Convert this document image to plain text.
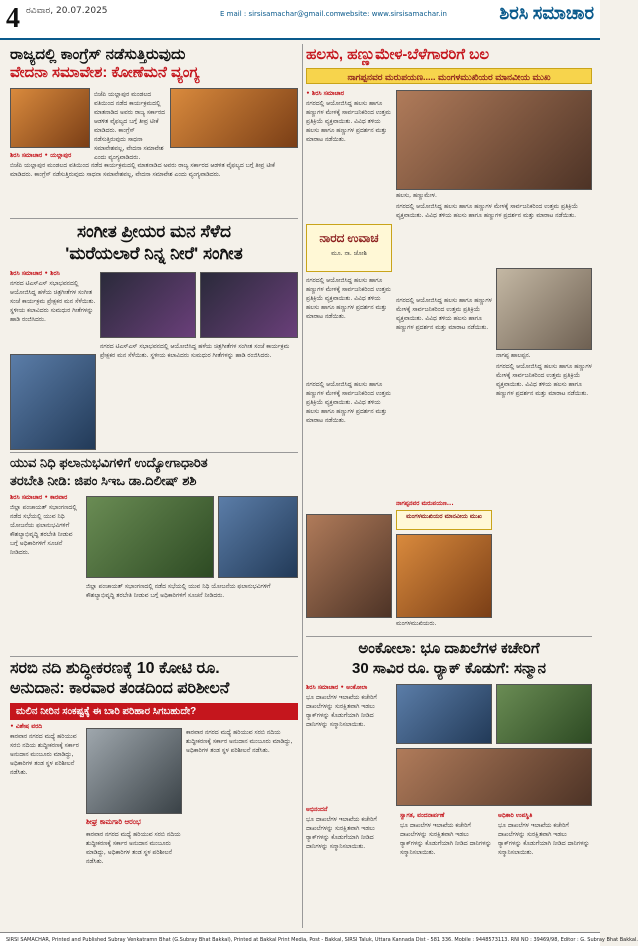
4 ರವಿವಾರ, 20.07.2025	E mail : sirsisamachar@gmail.com website: www.sirsisamachar.in	ಶಿರಸಿ ಸಮಾಚಾರ
ರಾಜ್ಯದಲ್ಲಿ ಕಾಂಗ್ರೆಸ್ ನಡೆಸುತ್ತಿರುವುದು
ವೇದನಾ ಸಮಾವೇಶ: ಕೋಣೆಮನೆ ವ್ಯಂಗ್ಯ
ಬಿಜೆಪಿ ಯಲ್ಲಾಪುರ ಮಂಡಲದ ವತಿಯಿಂದ ನಡೆದ ಕಾರ್ಯಕ್ರಮದಲ್ಲಿ ಮಾತನಾಡಿದ ಅವರು ರಾಜ್ಯ ಸರ್ಕಾರದ ಆಡಳಿತ ವೈಫಲ್ಯದ ಬಗ್ಗೆ ತೀವ್ರ ಟೀಕೆ ಮಾಡಿದರು. ಕಾಂಗ್ರೆಸ್ ನಡೆಸುತ್ತಿರುವುದು ಸಾಧನಾ ಸಮಾವೇಶವಲ್ಲ, ವೇದನಾ ಸಮಾವೇಶ ಎಂದು ವ್ಯಂಗ್ಯವಾಡಿದರು.
ಶಿರಸಿ ಸಮಾಚಾರ • ಯಲ್ಲಾಪುರ
ಬಿಜೆಪಿ ಯಲ್ಲಾಪುರ ಮಂಡಲದ ವತಿಯಿಂದ ನಡೆದ ಕಾರ್ಯಕ್ರಮದಲ್ಲಿ ಮಾತನಾಡಿದ ಅವರು ರಾಜ್ಯ ಸರ್ಕಾರದ ಆಡಳಿತ ವೈಫಲ್ಯದ ಬಗ್ಗೆ ತೀವ್ರ ಟೀಕೆ ಮಾಡಿದರು. ಕಾಂಗ್ರೆಸ್ ನಡೆಸುತ್ತಿರುವುದು ಸಾಧನಾ ಸಮಾವೇಶವಲ್ಲ, ವೇದನಾ ಸಮಾವೇಶ ಎಂದು ವ್ಯಂಗ್ಯವಾಡಿದರು.
ಸಂಗೀತ ಪ್ರೀಯರ ಮನ ಸೆಳೆದ
'ಮರೆಯಲಾರೆ ನಿನ್ನ ನೀರೆ' ಸಂಗೀತ
ಶಿರಸಿ ಸಮಾಚಾರ • ಶಿರಸಿ
ನಗರದ ಟಿಎಸ್ಎಸ್ ಸಭಾಭವನದಲ್ಲಿ ಆಯೋಜಿಸಿದ್ದ ಹಳೆಯ ಚಿತ್ರಗೀತೆಗಳ ಸಂಗೀತ ಸಂಜೆ ಕಾರ್ಯಕ್ರಮ ಪ್ರೇಕ್ಷಕರ ಮನ ಸೆಳೆಯಿತು. ಸ್ಥಳೀಯ ಕಲಾವಿದರು ಸುಮಧುರ ಗೀತೆಗಳನ್ನು ಹಾಡಿ ರಂಜಿಸಿದರು.
ನಗರದ ಟಿಎಸ್ಎಸ್ ಸಭಾಭವನದಲ್ಲಿ ಆಯೋಜಿಸಿದ್ದ ಹಳೆಯ ಚಿತ್ರಗೀತೆಗಳ ಸಂಗೀತ ಸಂಜೆ ಕಾರ್ಯಕ್ರಮ ಪ್ರೇಕ್ಷಕರ ಮನ ಸೆಳೆಯಿತು. ಸ್ಥಳೀಯ ಕಲಾವಿದರು ಸುಮಧುರ ಗೀತೆಗಳನ್ನು ಹಾಡಿ ರಂಜಿಸಿದರು.
ಯುವ ನಿಧಿ ಫಲಾನುಭವಿಗಳಿಗೆ ಉದ್ಯೋಗಾಧಾರಿತ
ತರಬೇತಿ ನೀಡಿ: ಜಿಪಂ ಸಿಇಒ ಡಾ.ದಿಲೀಷ್ ಶಶಿ
ಶಿರಸಿ ಸಮಾಚಾರ • ಕಾರವಾರ
ಜಿಲ್ಲಾ ಪಂಚಾಯತ್ ಸಭಾಂಗಣದಲ್ಲಿ ನಡೆದ ಸಭೆಯಲ್ಲಿ ಯುವ ನಿಧಿ ಯೋಜನೆಯ ಫಲಾನುಭವಿಗಳಿಗೆ ಕೌಶಲ್ಯಾಭಿವೃದ್ಧಿ ತರಬೇತಿ ನೀಡುವ ಬಗ್ಗೆ ಅಧಿಕಾರಿಗಳಿಗೆ ಸೂಚನೆ ನೀಡಿದರು.
ಜಿಲ್ಲಾ ಪಂಚಾಯತ್ ಸಭಾಂಗಣದಲ್ಲಿ ನಡೆದ ಸಭೆಯಲ್ಲಿ ಯುವ ನಿಧಿ ಯೋಜನೆಯ ಫಲಾನುಭವಿಗಳಿಗೆ ಕೌಶಲ್ಯಾಭಿವೃದ್ಧಿ ತರಬೇತಿ ನೀಡುವ ಬಗ್ಗೆ ಅಧಿಕಾರಿಗಳಿಗೆ ಸೂಚನೆ ನೀಡಿದರು.
ಸರಬಿ ನದಿ ಶುದ್ಧೀಕರಣಕ್ಕೆ 10 ಕೋಟಿ ರೂ.
ಅನುದಾನ: ಕಾರವಾರ ತಂಡದಿಂದ ಪರಿಶೀಲನೆ
ಮಲಿನ ನೀರಿನ ಸಂಕಷ್ಟಕ್ಕೆ ಈ ಬಾರಿ ಪರಿಹಾರ ಸಿಗಬಹುದೇ?
• ವಿಶೇಷ ವರದಿ
ಕಾರವಾರ ನಗರದ ಮಧ್ಯೆ ಹರಿಯುವ ಸರಬಿ ನದಿಯ ಶುದ್ಧೀಕರಣಕ್ಕೆ ಸರ್ಕಾರ ಅನುದಾನ ಮಂಜೂರು ಮಾಡಿದ್ದು, ಅಧಿಕಾರಿಗಳ ತಂಡ ಸ್ಥಳ ಪರಿಶೀಲನೆ ನಡೆಸಿತು.
ಕಾರವಾರ ನಗರದ ಮಧ್ಯೆ ಹರಿಯುವ ಸರಬಿ ನದಿಯ ಶುದ್ಧೀಕರಣಕ್ಕೆ ಸರ್ಕಾರ ಅನುದಾನ ಮಂಜೂರು ಮಾಡಿದ್ದು, ಅಧಿಕಾರಿಗಳ ತಂಡ ಸ್ಥಳ ಪರಿಶೀಲನೆ ನಡೆಸಿತು.
ಶೀಘ್ರ ಕಾಮಗಾರಿ ಆರಂಭ
ಕಾರವಾರ ನಗರದ ಮಧ್ಯೆ ಹರಿಯುವ ಸರಬಿ ನದಿಯ ಶುದ್ಧೀಕರಣಕ್ಕೆ ಸರ್ಕಾರ ಅನುದಾನ ಮಂಜೂರು ಮಾಡಿದ್ದು, ಅಧಿಕಾರಿಗಳ ತಂಡ ಸ್ಥಳ ಪರಿಶೀಲನೆ ನಡೆಸಿತು.
ಹಲಸು, ಹಣ್ಣುಮೇಳ-ಬೆಳೆಗಾರರಿಗೆ ಬಲ
ನಾಗಪ್ಪನವರ ಮರುಪಯಣ..... ಮಂಗಳಮುಖಿಯರ ಮಾನವೀಯ ಮುಖ
• ಶಿರಸಿ ಸಮಾಚಾರ
ನಗರದಲ್ಲಿ ಆಯೋಜಿಸಿದ್ದ ಹಲಸು ಹಾಗೂ ಹಣ್ಣುಗಳ ಮೇಳಕ್ಕೆ ಸಾರ್ವಜನಿಕರಿಂದ ಉತ್ತಮ ಪ್ರತಿಕ್ರಿಯೆ ವ್ಯಕ್ತವಾಯಿತು. ವಿವಿಧ ತಳಿಯ ಹಲಸು ಹಾಗೂ ಹಣ್ಣುಗಳ ಪ್ರದರ್ಶನ ಮತ್ತು ಮಾರಾಟ ನಡೆಯಿತು.
ಹಲಸು, ಹಣ್ಣುಮೇಳ.
ನಾರದ ಉವಾಚ
ಮೂ. ನಾ. ಜೋಶಿ
ನಗರದಲ್ಲಿ ಆಯೋಜಿಸಿದ್ದ ಹಲಸು ಹಾಗೂ ಹಣ್ಣುಗಳ ಮೇಳಕ್ಕೆ ಸಾರ್ವಜನಿಕರಿಂದ ಉತ್ತಮ ಪ್ರತಿಕ್ರಿಯೆ ವ್ಯಕ್ತವಾಯಿತು. ವಿವಿಧ ತಳಿಯ ಹಲಸು ಹಾಗೂ ಹಣ್ಣುಗಳ ಪ್ರದರ್ಶನ ಮತ್ತು ಮಾರಾಟ ನಡೆಯಿತು.
ನಗರದಲ್ಲಿ ಆಯೋಜಿಸಿದ್ದ ಹಲಸು ಹಾಗೂ ಹಣ್ಣುಗಳ ಮೇಳಕ್ಕೆ ಸಾರ್ವಜನಿಕರಿಂದ ಉತ್ತಮ ಪ್ರತಿಕ್ರಿಯೆ ವ್ಯಕ್ತವಾಯಿತು. ವಿವಿಧ ತಳಿಯ ಹಲಸು ಹಾಗೂ ಹಣ್ಣುಗಳ ಪ್ರದರ್ಶನ ಮತ್ತು ಮಾರಾಟ ನಡೆಯಿತು.
ನಾಗಪ್ಪ ಹಾಲಪ್ಪನ.
ನಗರದಲ್ಲಿ ಆಯೋಜಿಸಿದ್ದ ಹಲಸು ಹಾಗೂ ಹಣ್ಣುಗಳ ಮೇಳಕ್ಕೆ ಸಾರ್ವಜನಿಕರಿಂದ ಉತ್ತಮ ಪ್ರತಿಕ್ರಿಯೆ ವ್ಯಕ್ತವಾಯಿತು. ವಿವಿಧ ತಳಿಯ ಹಲಸು ಹಾಗೂ ಹಣ್ಣುಗಳ ಪ್ರದರ್ಶನ ಮತ್ತು ಮಾರಾಟ ನಡೆಯಿತು.
ನಗರದಲ್ಲಿ ಆಯೋಜಿಸಿದ್ದ ಹಲಸು ಹಾಗೂ ಹಣ್ಣುಗಳ ಮೇಳಕ್ಕೆ ಸಾರ್ವಜನಿಕರಿಂದ ಉತ್ತಮ ಪ್ರತಿಕ್ರಿಯೆ ವ್ಯಕ್ತವಾಯಿತು. ವಿವಿಧ ತಳಿಯ ಹಲಸು ಹಾಗೂ ಹಣ್ಣುಗಳ ಪ್ರದರ್ಶನ ಮತ್ತು ಮಾರಾಟ ನಡೆಯಿತು.
ನಗರದಲ್ಲಿ ಆಯೋಜಿಸಿದ್ದ ಹಲಸು ಹಾಗೂ ಹಣ್ಣುಗಳ ಮೇಳಕ್ಕೆ ಸಾರ್ವಜನಿಕರಿಂದ ಉತ್ತಮ ಪ್ರತಿಕ್ರಿಯೆ ವ್ಯಕ್ತವಾಯಿತು. ವಿವಿಧ ತಳಿಯ ಹಲಸು ಹಾಗೂ ಹಣ್ಣುಗಳ ಪ್ರದರ್ಶನ ಮತ್ತು ಮಾರಾಟ ನಡೆಯಿತು.
ನಾಗಪ್ಪನವರ ಮರುಪಯಣ...
ಮಂಗಳಮುಖಿಯರ ಮಾನವೀಯ ಮುಖ
ಮಂಗಳಮುಖಿಯರು.
ಅಂಕೋಲಾ: ಭೂ ದಾಖಲೆಗಳ ಕಚೇರಿಗೆ
30 ಸಾವಿರ ರೂ. ರ್‍ಯಾಕ್ ಕೊಡುಗೆ: ಸನ್ಮಾನ
ಶಿರಸಿ ಸಮಾಚಾರ • ಅಂಕೋಲಾ
ಭೂ ದಾಖಲೆಗಳ ಇಲಾಖೆಯ ಕಚೇರಿಗೆ ದಾಖಲೆಗಳನ್ನು ಸುರಕ್ಷಿತವಾಗಿ ಇಡಲು ರ್‍ಯಾಕ್‌ಗಳನ್ನು ಕೊಡುಗೆಯಾಗಿ ನೀಡಿದ ದಾನಿಗಳನ್ನು ಸನ್ಮಾನಿಸಲಾಯಿತು.
ಅಭಿನಂದನೆ
ಭೂ ದಾಖಲೆಗಳ ಇಲಾಖೆಯ ಕಚೇರಿಗೆ ದಾಖಲೆಗಳನ್ನು ಸುರಕ್ಷಿತವಾಗಿ ಇಡಲು ರ್‍ಯಾಕ್‌ಗಳನ್ನು ಕೊಡುಗೆಯಾಗಿ ನೀಡಿದ ದಾನಿಗಳನ್ನು ಸನ್ಮಾನಿಸಲಾಯಿತು.
ಸ್ವಾಗತ, ವಂದನಾರ್ಪಣೆ
ಭೂ ದಾಖಲೆಗಳ ಇಲಾಖೆಯ ಕಚೇರಿಗೆ ದಾಖಲೆಗಳನ್ನು ಸುರಕ್ಷಿತವಾಗಿ ಇಡಲು ರ್‍ಯಾಕ್‌ಗಳನ್ನು ಕೊಡುಗೆಯಾಗಿ ನೀಡಿದ ದಾನಿಗಳನ್ನು ಸನ್ಮಾನಿಸಲಾಯಿತು.
ಅಧಿಕಾರಿ ಉಪಸ್ಥಿತಿ
ಭೂ ದಾಖಲೆಗಳ ಇಲಾಖೆಯ ಕಚೇರಿಗೆ ದಾಖಲೆಗಳನ್ನು ಸುರಕ್ಷಿತವಾಗಿ ಇಡಲು ರ್‍ಯಾಕ್‌ಗಳನ್ನು ಕೊಡುಗೆಯಾಗಿ ನೀಡಿದ ದಾನಿಗಳನ್ನು ಸನ್ಮಾನಿಸಲಾಯಿತು.
SIRSI SAMACHAR, Printed and Published Subray Venkatramn Bhat (G.Subray Bhat Bakkal), Printed at Bakkal Print Media, Post - Bakkal, SIRSI Taluk, Uttara Kannada Dist - 581 336. Mobile : 9448573113. RNI NO : 39469/98, Editor : G. Subray Bhat Bakkal.
